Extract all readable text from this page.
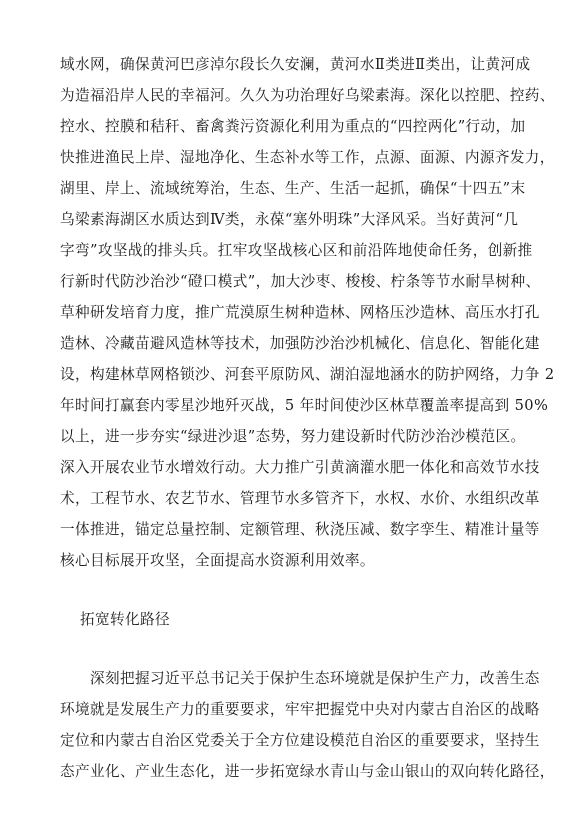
域水网，确保黄河巴彦淖尔段长久安澜，黄河水Ⅱ类进Ⅱ类出，让黄河成
为造福沿岸人民的幸福河。久久为功治理好乌梁素海。深化以控肥、控药、
控水、控膜和秸秆、畜禽粪污资源化利用为重点的“四控两化”行动，加
快推进渔民上岸、湿地净化、生态补水等工作，点源、面源、内源齐发力，
湖里、岸上、流域统筹治，生态、生产、生活一起抓，确保“十四五”末
乌梁素海湖区水质达到Ⅳ类，永葆“塞外明珠”大泽风采。当好黄河“几
字弯”攻坚战的排头兵。扛牢攻坚战核心区和前沿阵地使命任务，创新推
行新时代防沙治沙“磴口模式”，加大沙枣、梭梭、柠条等节水耐旱树种、
草种研发培育力度，推广荒漠原生树种造林、网格压沙造林、高压水打孔
造林、冷藏苗避风造林等技术，加强防沙治沙机械化、信息化、智能化建
设，构建林草网格锁沙、河套平原防风、湖泊湿地涵水的防护网络，力争 2
年时间打赢套内零星沙地歼灭战，5 年时间使沙区林草覆盖率提高到 50%
以上，进一步夯实“绿进沙退”态势，努力建设新时代防沙治沙模范区。
深入开展农业节水增效行动。大力推广引黄滴灌水肥一体化和高效节水技
术，工程节水、农艺节水、管理节水多管齐下，水权、水价、水组织改革
一体推进，锚定总量控制、定额管理、秋浇压减、数字孪生、精准计量等
核心目标展开攻坚，全面提高水资源利用效率。
拓宽转化路径
　　深刻把握习近平总书记关于保护生态环境就是保护生产力，改善生态
环境就是发展生产力的重要要求，牢牢把握党中央对内蒙古自治区的战略
定位和内蒙古自治区党委关于全方位建设模范自治区的重要要求，坚持生
态产业化、产业生态化，进一步拓宽绿水青山与金山银山的双向转化路径，
